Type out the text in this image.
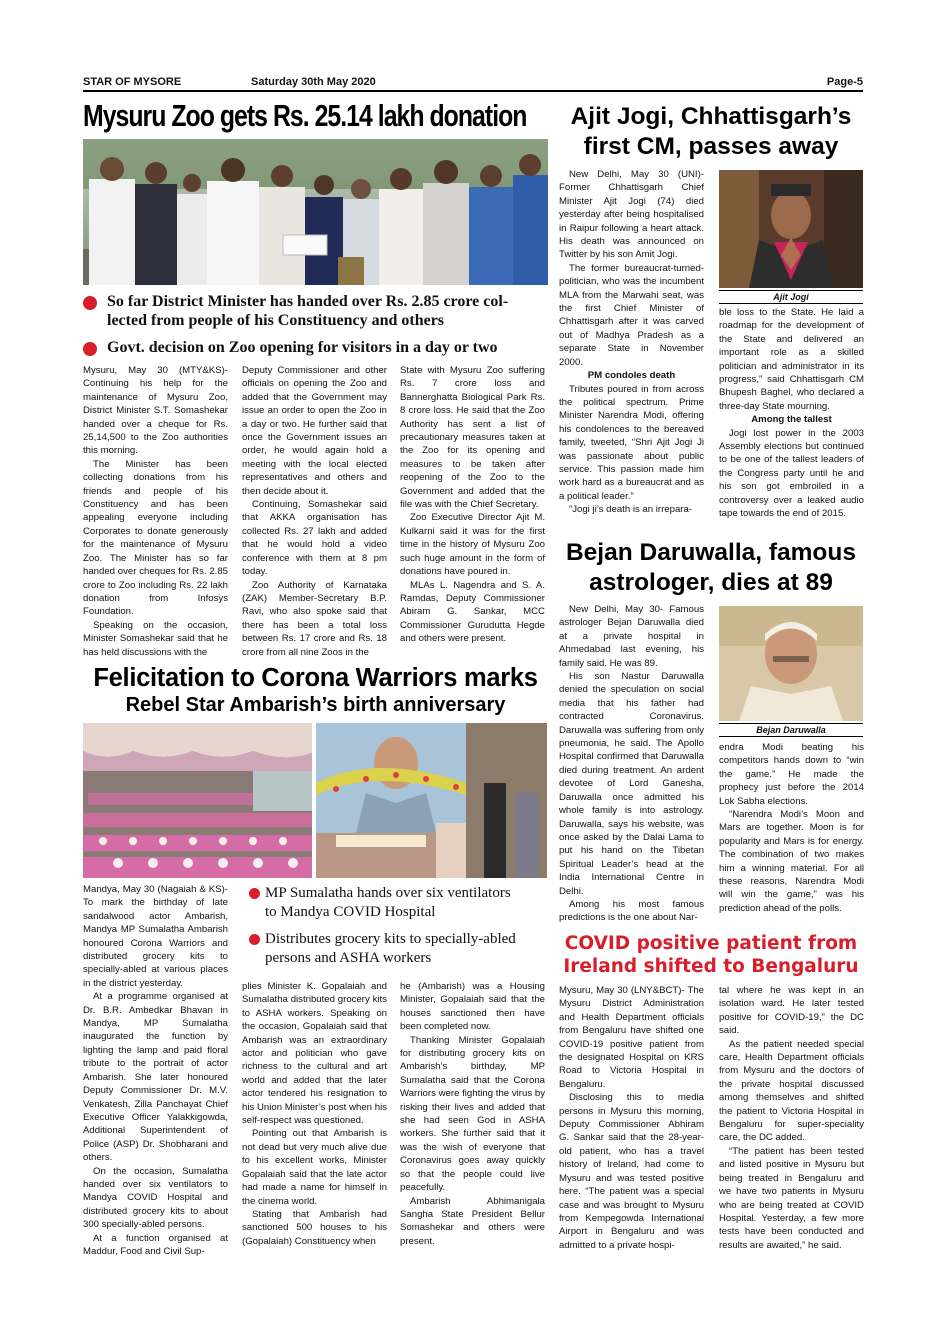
STAR OF MYSORE	Saturday 30th May 2020	Page-5
Mysuru Zoo gets Rs. 25.14 lakh donation
So far District Minister has handed over Rs. 2.85 crore col-
lected from people of his Constituency and others
Govt. decision on Zoo opening for visitors in a day or two

Mysuru, May 30 (MTY&KS)- Continuing his help for the maintenance of Mysuru Zoo, District Minister S.T. Somashekar handed over a cheque for Rs. 25,14,500 to the Zoo authorities this morning.

The Minister has been collecting donations from his friends and people of his Constituency and has been appealing everyone including Corporates to donate generously for the maintenance of Mysuru Zoo. The Minister has so far handed over cheques for Rs. 2.85 crore to Zoo including Rs. 22 lakh donation from Infosys Foundation.

Speaking on the occasion, Minister Somashekar said that he has held discussions with the

Deputy Commissioner and other officials on opening the Zoo and added that the Government may issue an order to open the Zoo in a day or two. He further said that once the Government issues an order, he would again hold a meeting with the local elected representatives and others and then decide about it.

Continuing, Somashekar said that AKKA organisation has collected Rs. 27 lakh and added that he would hold a video conference with them at 8 pm today.

Zoo Authority of Karnataka (ZAK) Member-Secretary B.P. Ravi, who also spoke said that there has been a total loss between Rs. 17 crore and Rs. 18 crore from all nine Zoos in the

State with Mysuru Zoo suffering Rs. 7 crore loss and Bannerghatta Biological Park Rs. 8 crore loss. He said that the Zoo Authority has sent a list of precautionary measures taken at the Zoo for its opening and measures to be taken after reopening of the Zoo to the Government and added that the file was with the Chief Secretary.

Zoo Executive Director Ajit M. Kulkarni said it was for the first time in the history of Mysuru Zoo such huge amount in the form of donations have poured in.

MLAs L. Nagendra and S. A. Ramdas, Deputy Commissioner Abiram G. Sankar, MCC Commissioner Gurudutta Hegde and others were present.

Ajit Jogi, Chhattisgarh’s
first CM, passes away

New Delhi, May 30 (UNI)- Former Chhattisgarh Chief Minister Ajit Jogi (74) died yesterday after being hospitalised in Raipur following a heart attack. His death was announced on Twitter by his son Amit Jogi.

The former bureaucrat-turned-politician, who was the incumbent MLA from the Marwahi seat, was the first Chief Minister of Chhattisgarh after it was carved out of Madhya Pradesh as a separate State in November 2000.

PM condoles death

Tributes poured in from across the political spectrum. Prime Minister Narendra Modi, offering his condolences to the bereaved family, tweeted, “Shri Ajit Jogi Ji was passionate about public service. This passion made him work hard as a bureaucrat and as a political leader.”

“Jogi ji’s death is an irrepara-

Ajit Jogi

ble loss to the State. He laid a roadmap for the development of the State and delivered an important role as a skilled politician and administrator in its progress,” said Chhattisgarh CM Bhupesh Baghel, who declared a three-day State mourning.

Among the tallest

Jogi lost power in the 2003 Assembly elections but continued to be one of the tallest leaders of the Congress party until he and his son got embroiled in a controversy over a leaked audio tape towards the end of 2015.

Bejan Daruwalla, famous
astrologer, dies at 89

New Delhi, May 30- Famous astrologer Bejan Daruwalla died at a private hospital in Ahmedabad last evening, his family said. He was 89.

His son Nastur Daruwalla denied the speculation on social media that his father had contracted Coronavirus. Daruwalla was suffering from only pneumonia, he said. The Apollo Hospital confirmed that Daruwalla died during treatment. An ardent devotee of Lord Ganesha, Daruwalla once admitted his whole family is into astrology. Daruwalla, says his website, was once asked by the Dalai Lama to put his hand on the Tibetan Spiritual Leader’s head at the India International Centre in Delhi.

Among his most famous predictions is the one about Nar-

Bejan Daruwalla

endra Modi beating his competitors hands down to “win the game.” He made the prophecy just before the 2014 Lok Sabha elections.

“Narendra Modi’s Moon and Mars are together. Moon is for popularity and Mars is for energy. The combination of two makes him a winning material. For all these reasons, Narendra Modi will win the game,” was his prediction ahead of the polls.

Felicitation to Corona Warriors marks
Rebel Star Ambarish’s birth anniversary
MP Sumalatha hands over six ventilators
to Mandya COVID Hospital
Distributes grocery kits to specially-abled
persons and ASHA workers

Mandya, May 30 (Nagaiah & KS)- To mark the birthday of late sandalwood actor Ambarish, Mandya MP Sumalatha Ambarish honoured Corona Warriors and distributed grocery kits to specially-abled at various places in the district yesterday.

At a programme organised at Dr. B.R. Ambedkar Bhavan in Mandya, MP Sumalatha inaugurated the function by lighting the lamp and paid floral tribute to the portrait of actor Ambarish. She later honoured Deputy Commissioner Dr. M.V. Venkatesh, Zilla Panchayat Chief Executive Officer Yalakkigowda, Additional Superintendent of Police (ASP) Dr. Shobharani and others.

On the occasion, Sumalatha handed over six ventilators to Mandya COVID Hospital and distributed grocery kits to about 300 specially-abled persons.

At a function organised at Maddur, Food and Civil Sup-

plies Minister K. Gopalaiah and Sumalatha distributed grocery kits to ASHA workers. Speaking on the occasion, Gopalaiah said that Ambarish was an extraordinary actor and politician who gave richness to the cultural and art world and added that the later actor tendered his resignation to his Union Minister’s post when his self-respect was questioned.

Pointing out that Ambarish is not dead but very much alive due to his excellent works, Minister Gopalaiah said that the late actor had made a name for himself in the cinema world.

Stating that Ambarish had sanctioned 500 houses to his (Gopalaiah) Constituency when

he (Ambarish) was a Housing Minister, Gopalaiah said that the houses sanctioned then have been completed now.

Thanking Minister Gopalaiah for distributing grocery kits on Ambarish’s birthday, MP Sumalatha said that the Corona Warriors were fighting the virus by risking their lives and added that she had seen God in ASHA workers. She further said that it was the wish of everyone that Coronavirus goes away quickly so that the people could live peacefully.

Ambarish Abhimanigala Sangha State President Bellur Somashekar and others were present.

COVID positive patient from
Ireland shifted to Bengaluru

Mysuru, May 30 (LNY&BCT)- The Mysuru District Administration and Health Department officials from Bengaluru have shifted one COVID-19 positive patient from the designated Hospital on KRS Road to Victoria Hospital in Bengaluru.

Disclosing this to media persons in Mysuru this morning, Deputy Commissioner Abhiram G. Sankar said that the 28-year-old patient, who has a travel history of Ireland, had come to Mysuru and was tested positive here. “The patient was a special case and was brought to Mysuru from Kempegowda International Airport in Bengaluru and was admitted to a private hospi-

tal where he was kept in an isolation ward. He later tested positive for COVID-19,” the DC said.

As the patient needed special care, Health Department officials from Mysuru and the doctors of the private hospital discussed among themselves and shifted the patient to Victoria Hospital in Bengaluru for super-speciality care, the DC added.

“The patient has been tested and listed positive in Mysuru but being treated in Bengaluru and we have two patients in Mysuru who are being treated at COVID Hospital. Yesterday, a few more tests have been conducted and results are awaited,” he said.
